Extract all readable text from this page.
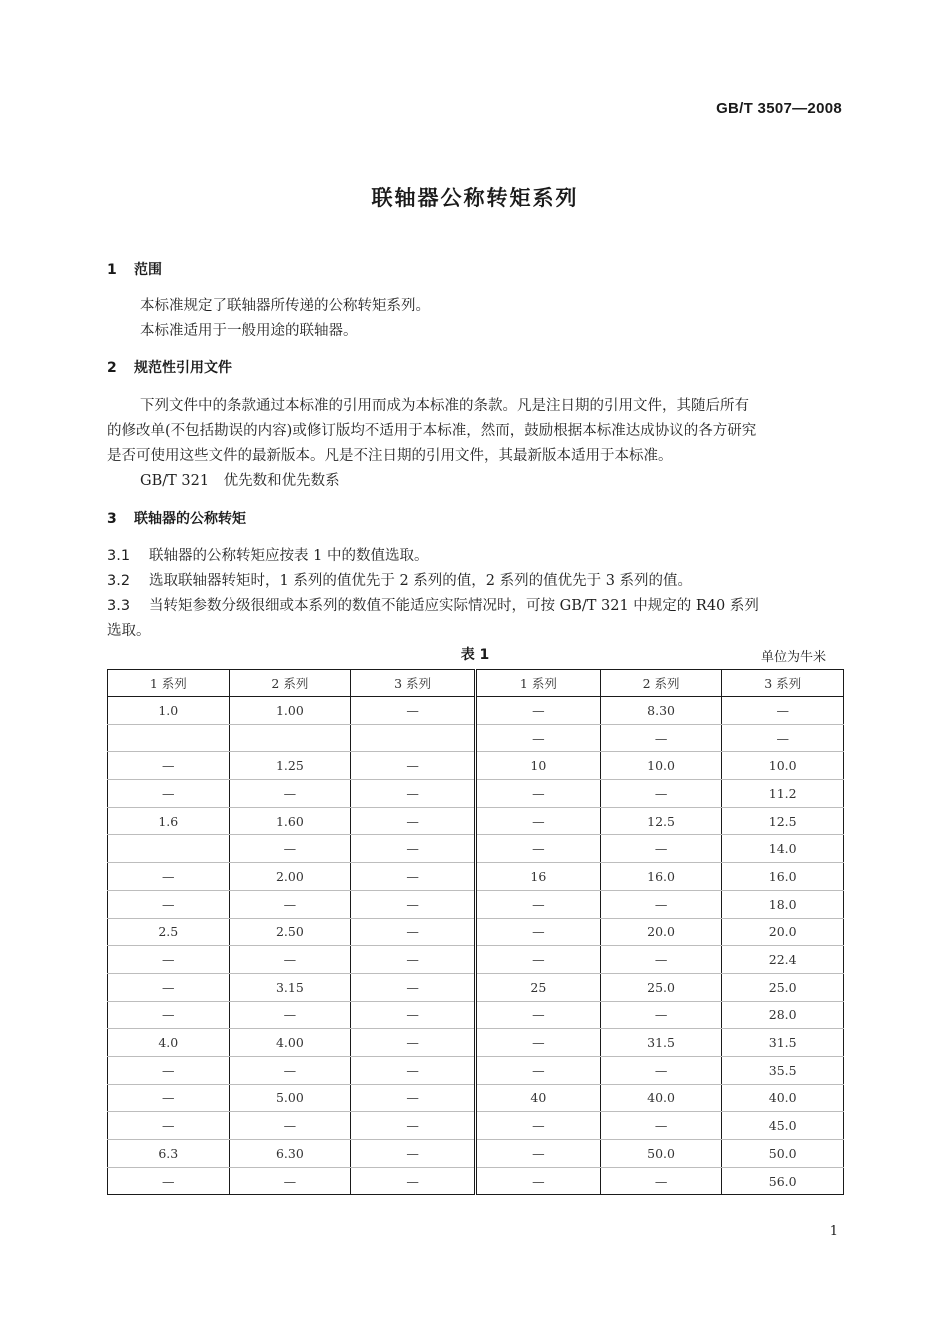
GB/T 3507—2008
联轴器公称转矩系列
1 范围
本标准规定了联轴器所传递的公称转矩系列。
本标准适用于一般用途的联轴器。
2 规范性引用文件
下列文件中的条款通过本标准的引用而成为本标准的条款。凡是注日期的引用文件，其随后所有
的修改单(不包括勘误的内容)或修订版均不适用于本标准，然而，鼓励根据本标准达成协议的各方研究
是否可使用这些文件的最新版本。凡是不注日期的引用文件，其最新版本适用于本标准。
GB/T 321　优先数和优先数系
3 联轴器的公称转矩
3.1 联轴器的公称转矩应按表 1 中的数值选取。
3.2 选取联轴器转矩时，1 系列的值优先于 2 系列的值，2 系列的值优先于 3 系列的值。
3.3 当转矩参数分级很细或本系列的数值不能适应实际情况时，可按 GB/T 321 中规定的 R40 系列
选取。
表 1	单位为牛米
1 系列	2 系列	3 系列	1 系列	2 系列	3 系列
1.0	1.00	—	—	8.30	—
			—	—	—
—	1.25	—	10	10.0	10.0
—	—	—	—	—	11.2
1.6	1.60	—	—	12.5	12.5
	—	—	—	—	14.0
—	2.00	—	16	16.0	16.0
—	—	—	—	—	18.0
2.5	2.50	—	—	20.0	20.0
—	—	—	—	—	22.4
—	3.15	—	25	25.0	25.0
—	—	—	—	—	28.0
4.0	4.00	—	—	31.5	31.5
—	—	—	—	—	35.5
—	5.00	—	40	40.0	40.0
—	—	—	—	—	45.0
6.3	6.30	—	—	50.0	50.0
—	—	—	—	—	56.0
1
